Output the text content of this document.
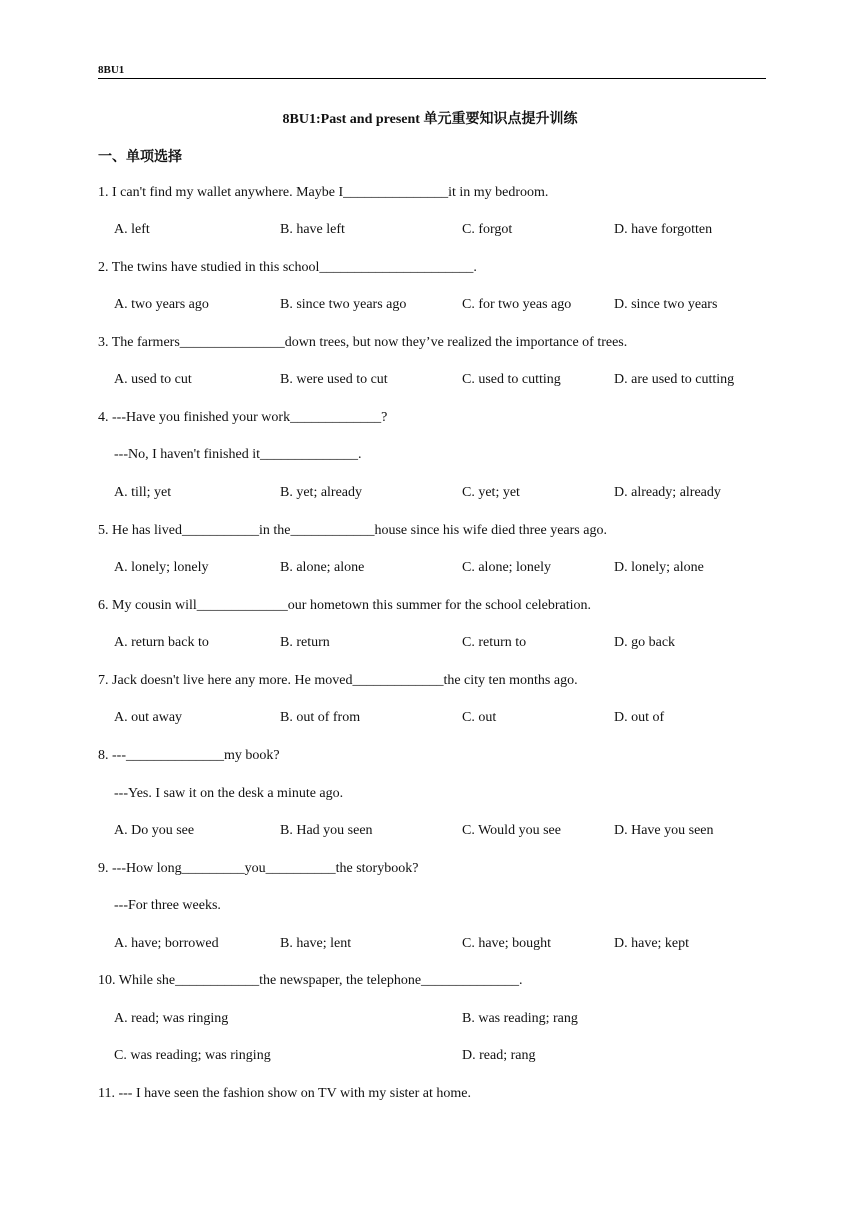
8BU1
8BU1:Past and present 单元重要知识点提升训练
一、单项选择
1. I can't find my wallet anywhere. Maybe I_______________it in my bedroom.
A. left	B. have left	C. forgot	D. have forgotten
2. The twins have studied in this school______________________.
A. two years ago	B. since two years ago	C. for two yeas ago	D. since two years
3. The farmers_______________down trees, but now they’ve realized the importance of trees.
A. used to cut	B. were used to cut	C. used to cutting	D. are used to cutting
4. ---Have you finished your work_____________?
---No, I haven't finished it______________.
A. till; yet	B. yet; already	C. yet; yet	D. already; already
5. He has lived___________in the____________house since his wife died three years ago.
A. lonely; lonely	B. alone; alone	C. alone; lonely	D. lonely; alone
6. My cousin will_____________our hometown this summer for the school celebration.
A. return back to	B. return	C. return to	D. go back
7. Jack doesn't live here any more. He moved_____________the city ten months ago.
A. out away	B. out of from	C. out	D. out of
8. ---______________my book?
---Yes. I saw it on the desk a minute ago.
A. Do you see	B. Had you seen	C. Would you see	D. Have you seen
9. ---How long_________you__________the storybook?
---For three weeks.
A. have; borrowed	B. have; lent	C. have; bought	D. have; kept
10. While she____________the newspaper, the telephone______________.
A. read; was ringing	B. was reading; rang
C. was reading; was ringing	D. read; rang
11. --- I have seen the fashion show on TV with my sister at home.
